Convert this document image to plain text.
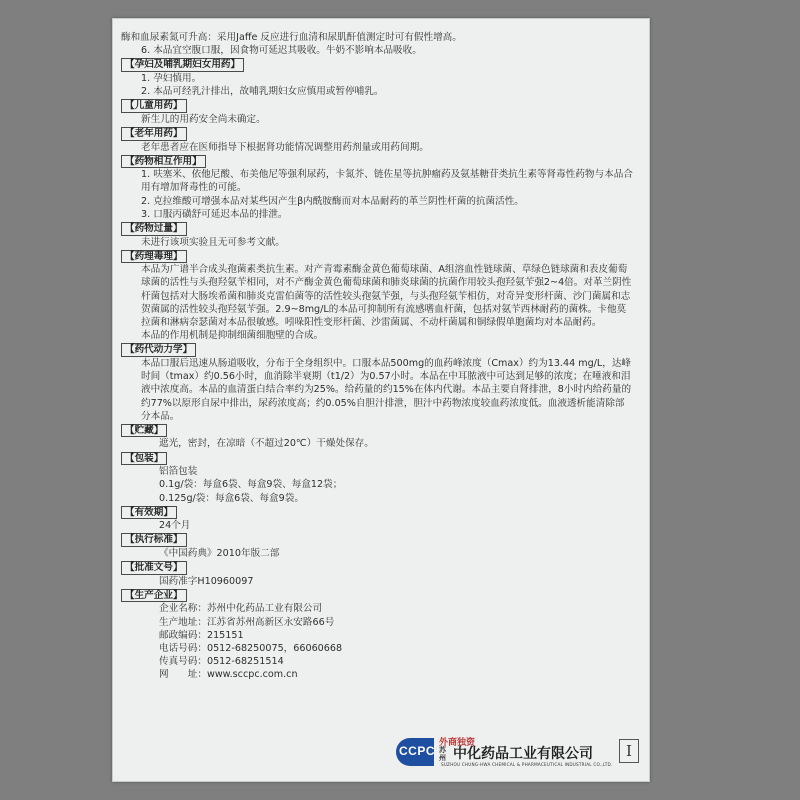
酶和血尿素氮可升高：采用Jaffe 反应进行血清和尿肌酐值测定时可有假性增高。

6. 本品宜空腹口服，因食物可延迟其吸收。牛奶不影响本品吸收。

【 孕妇及哺乳期妇女用药 】

1. 孕妇慎用。

2. 本品可经乳汁排出，故哺乳期妇女应慎用或暂停哺乳。

【 儿童用药 】

新生儿的用药安全尚未确定。

【 老年用药 】

老年患者应在医师指导下根据肾功能情况调整用药剂量或用药间期。

【 药物相互作用 】

1. 呋塞米、依他尼酸、布美他尼等强利尿药，卡氮芥、链佐星等抗肿瘤药及氨基糖苷类抗生素等肾毒性药物与本品合用有增加肾毒性的可能。

2. 克拉维酸可增强本品对某些因产生β内酰胺酶而对本品耐药的革兰阴性杆菌的抗菌活性。

3. 口服丙磺舒可延迟本品的排泄。

【 药物过量 】

未进行该项实验且无可参考文献。

【 药理毒理 】

本品为广谱半合成头孢菌素类抗生素。对产青霉素酶金黄色葡萄球菌、A组溶血性链球菌、草绿色链球菌和表皮葡萄球菌的活性与头孢羟氨苄相同，对不产酶金黄色葡萄球菌和肺炎球菌的抗菌作用较头孢羟氨苄强2~4倍。对革兰阴性杆菌包括对大肠埃希菌和肺炎克雷伯菌等的活性较头孢氨苄强，与头孢羟氨苄相仿，对奇异变形杆菌、沙门菌属和志贺菌属的活性较头孢羟氨苄强。2.9~8mg/L的本品可抑制所有流感嗜血杆菌，包括对氨苄西林耐药的菌株。卡他莫拉菌和淋病奈瑟菌对本品很敏感。吲哚阳性变形杆菌、沙雷菌属、不动杆菌属和铜绿假单胞菌均对本品耐药。

本品的作用机制是抑制细菌细胞壁的合成。

【 药代动力学 】

本品口服后迅速从肠道吸收，分布于全身组织中。口服本品500mg的血药峰浓度（Cmax）约为13.44 mg/L，达峰时间（tmax）约0.56小时，血消除半衰期（t1/2）为0.57小时。本品在中耳脓液中可达到足够的浓度；在唾液和泪液中浓度高。本品的血清蛋白结合率约为25%。给药量的约15%在体内代谢。本品主要自肾排泄，8小时内给药量的约77%以原形自尿中排出，尿药浓度高；约0.05%自胆汁排泄，胆汁中药物浓度较血药浓度低。血液透析能清除部分本品。

【 贮藏 】

遮光，密封，在凉暗（不超过20℃）干燥处保存。

【 包装 】

铝箔包装

0.1g/袋：每盒6袋、每盒9袋、每盒12袋；

0.125g/袋：每盒6袋、每盒9袋。

【 有效期 】

24个月

【 执行标准 】

《中国药典》2010年版二部

【 批准文号 】

国药准字H10960097

【 生产企业 】

企业名称：苏州中化药品工业有限公司

生产地址：江苏省苏州高新区永安路66号

邮政编码：215151

电话号码：0512-68250075，66060668

传真号码：0512-68251514

网　　址：www.sccpc.com.cn

CCPC
外商独资
苏州 中化药品工业有限公司
SUZHOU CHUNG-HWA CHEMICAL & PHARMACEUTICAL INDUSTRIAL CO.,LTD.
I
